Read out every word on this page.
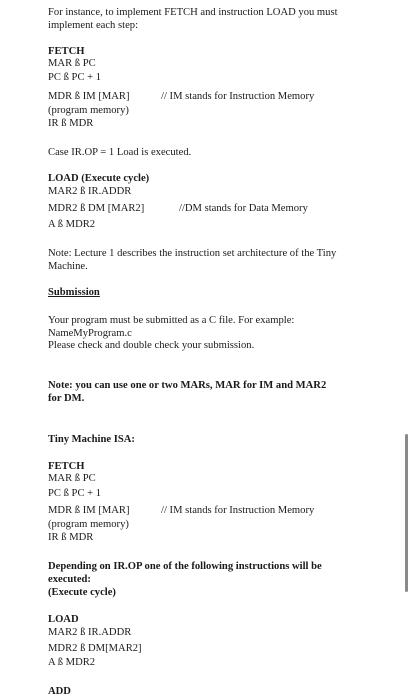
For instance, to implement FETCH and instruction LOAD you must
implement each step:
FETCH
MAR ß PC
PC ß PC + 1
MDR ß IM [MAR]	// IM stands for Instruction Memory
(program memory)
IR ß MDR
Case IR.OP = 1 Load is executed.
LOAD (Execute cycle)
MAR2 ß IR.ADDR
MDR2 ß DM [MAR2]	//DM stands for Data Memory
A ß MDR2
Note: Lecture 1 describes the instruction set architecture of the Tiny
Machine.
Submission
Your program must be submitted as a C file. For example:
NameMyProgram.c
Please check and double check your submission.
Note: you can use one or two MARs, MAR for IM and MAR2
for DM.
Tiny Machine ISA:
FETCH
MAR ß PC
PC ß PC + 1
MDR ß IM [MAR]	// IM stands for Instruction Memory
(program memory)
IR ß MDR
Depending on IR.OP one of the following instructions will be
executed:
(Execute cycle)
LOAD
MAR2 ß IR.ADDR
MDR2 ß DM[MAR2]
A ß MDR2
ADD
